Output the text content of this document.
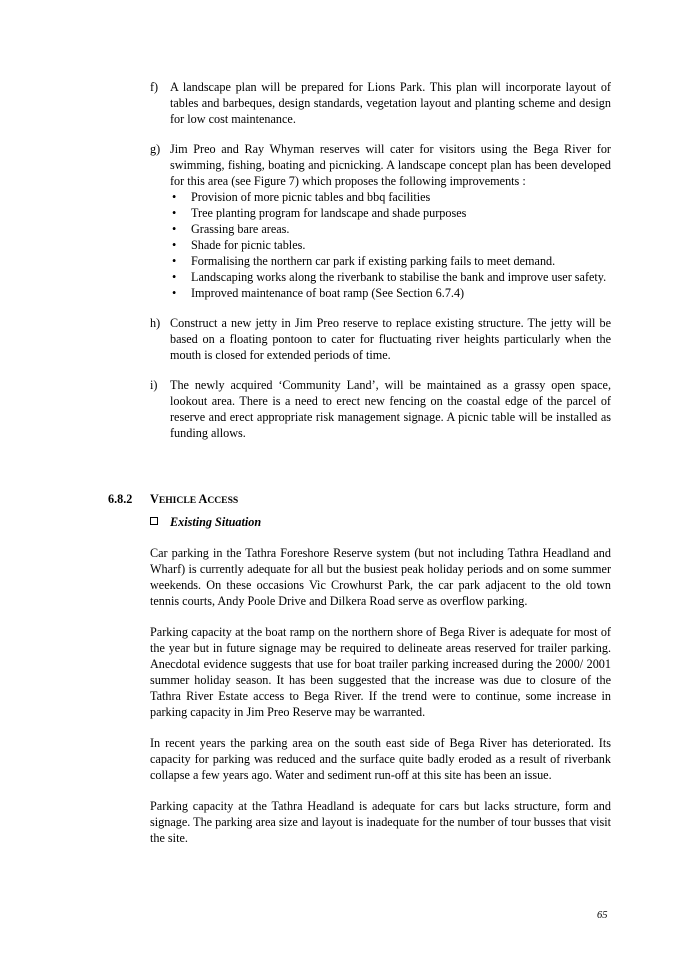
f) A landscape plan will be prepared for Lions Park. This plan will incorporate layout of tables and barbeques, design standards, vegetation layout and planting scheme and design for low cost maintenance.

g) Jim Preo and Ray Whyman reserves will cater for visitors using the Bega River for swimming, fishing, boating and picnicking. A landscape concept plan has been developed for this area (see Figure 7) which proposes the following improvements :

• Provision of more picnic tables and bbq facilities
• Tree planting program for landscape and shade purposes
• Grassing bare areas.
• Shade for picnic tables.
• Formalising the northern car park if existing parking fails to meet demand.
• Landscaping works along the riverbank to stabilise the bank and improve user safety.
• Improved maintenance of boat ramp (See Section 6.7.4)
h) Construct a new jetty in Jim Preo reserve to replace existing structure. The jetty will be based on a floating pontoon to cater for fluctuating river heights particularly when the mouth is closed for extended periods of time.

i) The newly acquired ‘Community Land’, will be maintained as a grassy open space, lookout area. There is a need to erect new fencing on the coastal edge of the parcel of reserve and erect appropriate risk management signage. A picnic table will be installed as funding allows.

6.8.2 VEHICLE ACCESS
Existing Situation

Car parking in the Tathra Foreshore Reserve system (but not including Tathra Headland and Wharf) is currently adequate for all but the busiest peak holiday periods and on some summer weekends. On these occasions Vic Crowhurst Park, the car park adjacent to the old town tennis courts, Andy Poole Drive and Dilkera Road serve as overflow parking.

Parking capacity at the boat ramp on the northern shore of Bega River is adequate for most of the year but in future signage may be required to delineate areas reserved for trailer parking. Anecdotal evidence suggests that use for boat trailer parking increased during the 2000/ 2001 summer holiday season. It has been suggested that the increase was due to closure of the Tathra River Estate access to Bega River. If the trend were to continue, some increase in parking capacity in Jim Preo Reserve may be warranted.

In recent years the parking area on the south east side of Bega River has deteriorated. Its capacity for parking was reduced and the surface quite badly eroded as a result of riverbank collapse a few years ago. Water and sediment run-off at this site has been an issue.

Parking capacity at the Tathra Headland is adequate for cars but lacks structure, form and signage. The parking area size and layout is inadequate for the number of tour busses that visit the site.

65
